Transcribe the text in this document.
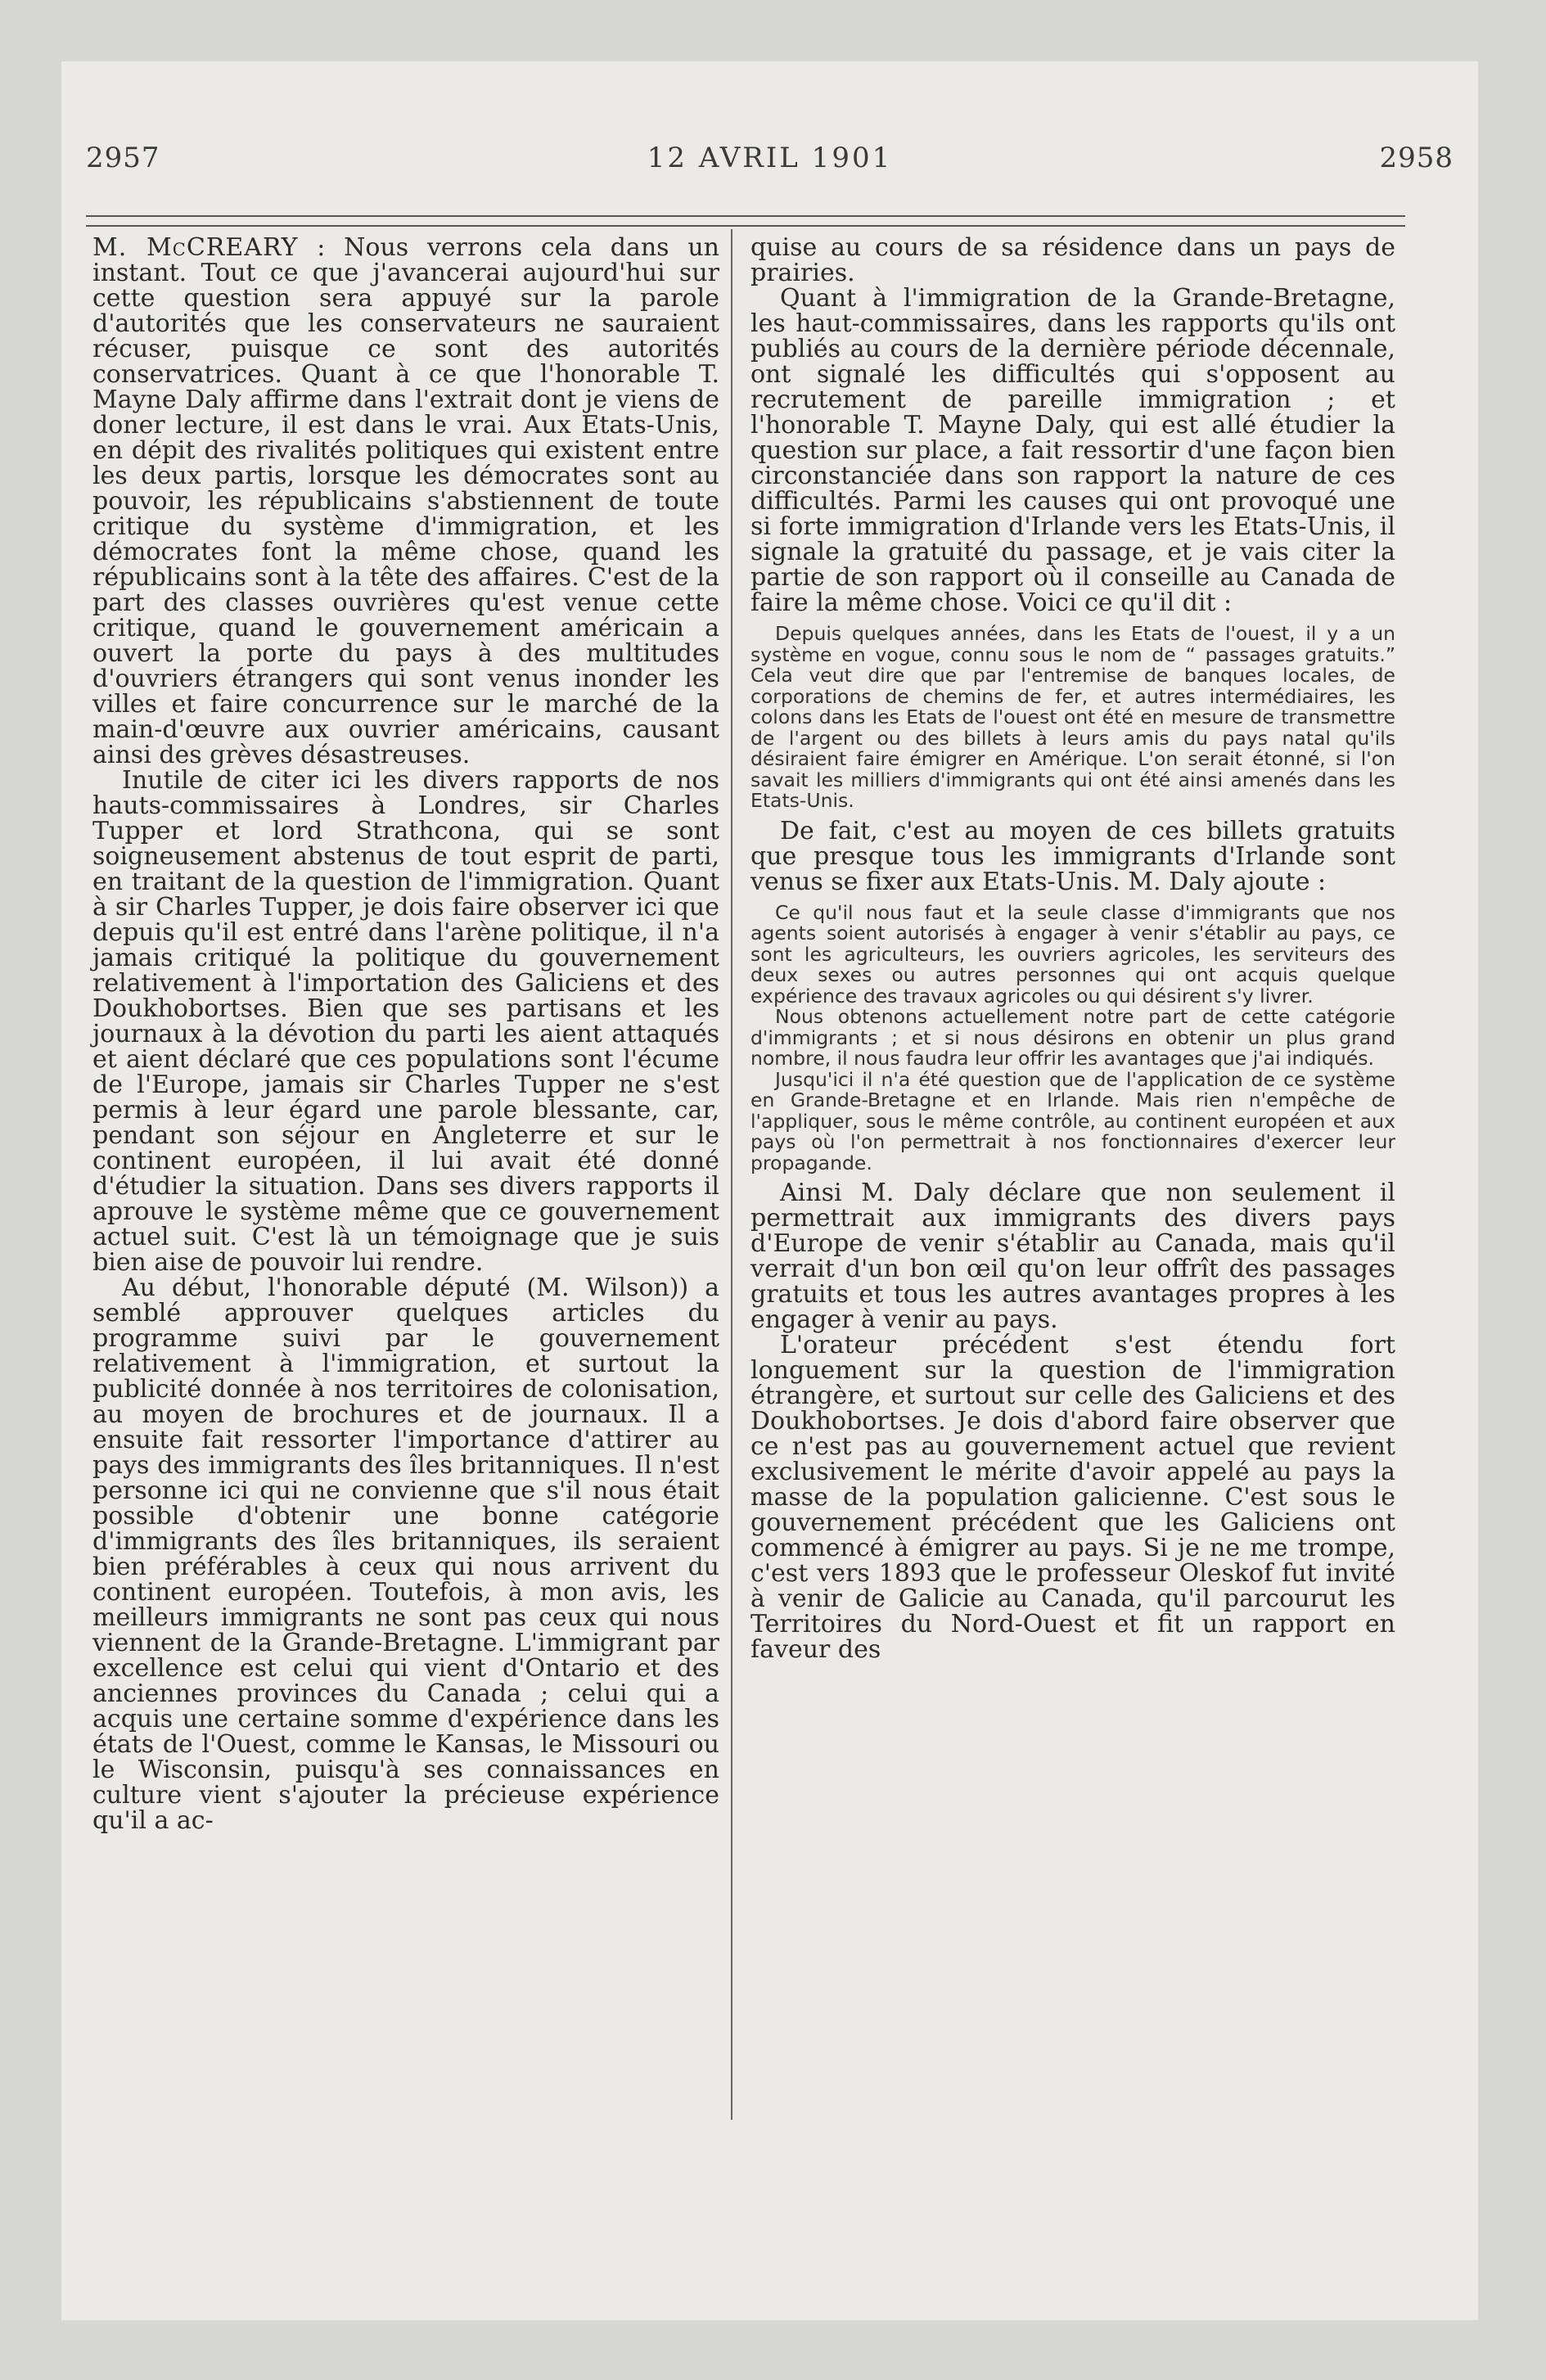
2957	12 AVRIL 1901	2958

M. McCREARY : Nous verrons cela dans un instant. Tout ce que j'avancerai aujourd'hui sur cette question sera appuyé sur la parole d'autorités que les conservateurs ne sauraient récuser, puisque ce sont des autorités conservatrices. Quant à ce que l'honorable T. Mayne Daly affirme dans l'extrait dont je viens de doner lecture, il est dans le vrai. Aux Etats-Unis, en dépit des rivalités politiques qui existent entre les deux partis, lorsque les démocrates sont au pouvoir, les républicains s'abstiennent de toute critique du système d'immigration, et les démocrates font la même chose, quand les républicains sont à la tête des affaires. C'est de la part des classes ouvrières qu'est venue cette critique, quand le gouvernement américain a ouvert la porte du pays à des multitudes d'ouvriers étrangers qui sont venus inonder les villes et faire concurrence sur le marché de la main-d'œuvre aux ouvrier américains, causant ainsi des grèves désastreuses.

Inutile de citer ici les divers rapports de nos hauts-commissaires à Londres, sir Charles Tupper et lord Strathcona, qui se sont soigneusement abstenus de tout esprit de parti, en traitant de la question de l'immigration. Quant à sir Charles Tupper, je dois faire observer ici que depuis qu'il est entré dans l'arène politique, il n'a jamais critiqué la politique du gouvernement relativement à l'importation des Galiciens et des Doukhobortses. Bien que ses partisans et les journaux à la dévotion du parti les aient attaqués et aient déclaré que ces populations sont l'écume de l'Europe, jamais sir Charles Tupper ne s'est permis à leur égard une parole blessante, car, pendant son séjour en Angleterre et sur le continent européen, il lui avait été donné d'étudier la situation. Dans ses divers rapports il aprouve le système même que ce gouvernement actuel suit. C'est là un témoignage que je suis bien aise de pouvoir lui rendre.

Au début, l'honorable député (M. Wilson)) a semblé approuver quelques articles du programme suivi par le gouvernement relativement à l'immigration, et surtout la publicité donnée à nos territoires de colonisation, au moyen de brochures et de journaux. Il a ensuite fait ressorter l'importance d'attirer au pays des immigrants des îles britanniques. Il n'est personne ici qui ne convienne que s'il nous était possible d'obtenir une bonne catégorie d'immigrants des îles britanniques, ils seraient bien préférables à ceux qui nous arrivent du continent européen. Toutefois, à mon avis, les meilleurs immigrants ne sont pas ceux qui nous viennent de la Grande-Bretagne. L'immigrant par excellence est celui qui vient d'Ontario et des anciennes provinces du Canada ; celui qui a acquis une certaine somme d'expérience dans les états de l'Ouest, comme le Kansas, le Missouri ou le Wisconsin, puisqu'à ses connaissances en culture vient s'ajouter la précieuse expérience qu'il a ac-

quise au cours de sa résidence dans un pays de prairies.

Quant à l'immigration de la Grande-Bretagne, les haut-commissaires, dans les rapports qu'ils ont publiés au cours de la dernière période décennale, ont signalé les difficultés qui s'opposent au recrutement de pareille immigration ; et l'honorable T. Mayne Daly, qui est allé étudier la question sur place, a fait ressortir d'une façon bien circonstanciée dans son rapport la nature de ces difficultés. Parmi les causes qui ont provoqué une si forte immigration d'Irlande vers les Etats-Unis, il signale la gratuité du passage, et je vais citer la partie de son rapport où il conseille au Canada de faire la même chose. Voici ce qu'il dit :

Depuis quelques années, dans les Etats de l'ouest, il y a un système en vogue, connu sous le nom de “ passages gratuits.” Cela veut dire que par l'entremise de banques locales, de corporations de chemins de fer, et autres intermédiaires, les colons dans les Etats de l'ouest ont été en mesure de transmettre de l'argent ou des billets à leurs amis du pays natal qu'ils désiraient faire émigrer en Amérique. L'on serait étonné, si l'on savait les milliers d'immigrants qui ont été ainsi amenés dans les Etats-Unis.

De fait, c'est au moyen de ces billets gratuits que presque tous les immigrants d'Irlande sont venus se fixer aux Etats-Unis. M. Daly ajoute :

Ce qu'il nous faut et la seule classe d'immigrants que nos agents soient autorisés à engager à venir s'établir au pays, ce sont les agriculteurs, les ouvriers agricoles, les serviteurs des deux sexes ou autres personnes qui ont acquis quelque expérience des travaux agricoles ou qui désirent s'y livrer.

Nous obtenons actuellement notre part de cette catégorie d'immigrants ; et si nous désirons en obtenir un plus grand nombre, il nous faudra leur offrir les avantages que j'ai indiqués.

Jusqu'ici il n'a été question que de l'application de ce système en Grande-Bretagne et en Irlande. Mais rien n'empêche de l'appliquer, sous le même contrôle, au continent européen et aux pays où l'on permettrait à nos fonctionnaires d'exercer leur propagande.

Ainsi M. Daly déclare que non seulement il permettrait aux immigrants des divers pays d'Europe de venir s'établir au Canada, mais qu'il verrait d'un bon œil qu'on leur offrît des passages gratuits et tous les autres avantages propres à les engager à venir au pays.

L'orateur précédent s'est étendu fort longuement sur la question de l'immigration étrangère, et surtout sur celle des Galiciens et des Doukhobortses. Je dois d'abord faire observer que ce n'est pas au gouvernement actuel que revient exclusivement le mérite d'avoir appelé au pays la masse de la population galicienne. C'est sous le gouvernement précédent que les Galiciens ont commencé à émigrer au pays. Si je ne me trompe, c'est vers 1893 que le professeur Oleskof fut invité à venir de Galicie au Canada, qu'il parcourut les Territoires du Nord-Ouest et fit un rapport en faveur des
